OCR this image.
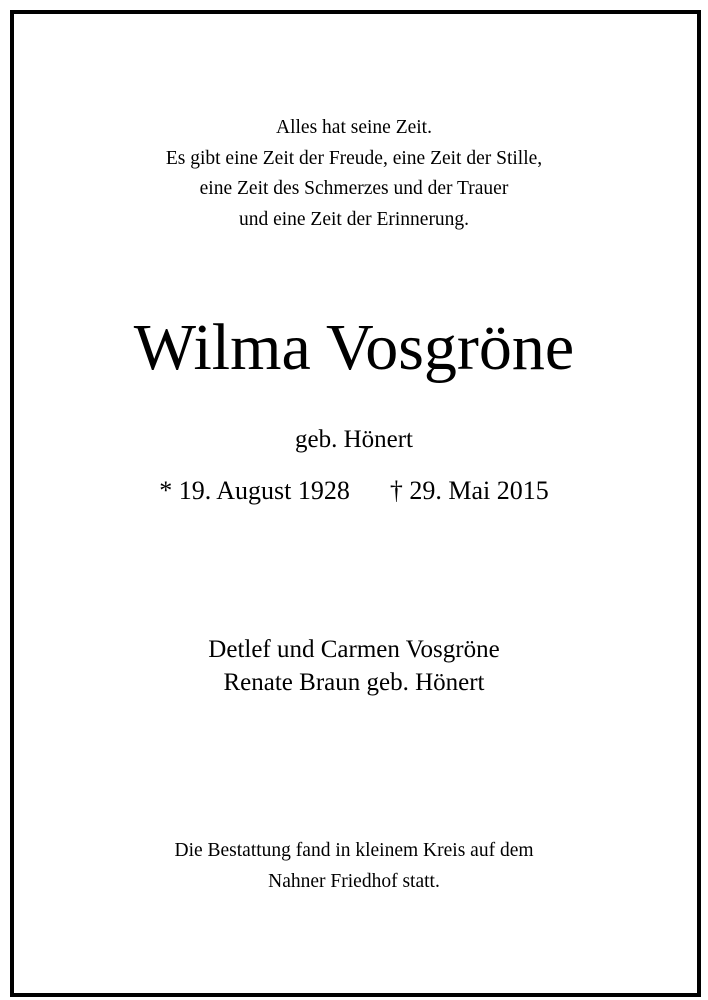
Alles hat seine Zeit.
Es gibt eine Zeit der Freude, eine Zeit der Stille,
eine Zeit des Schmerzes und der Trauer
und eine Zeit der Erinnerung.
Wilma Vosgröne
geb. Hönert
* 19. August 1928 † 29. Mai 2015
Detlef und Carmen Vosgröne
Renate Braun geb. Hönert
Die Bestattung fand in kleinem Kreis auf dem
Nahner Friedhof statt.
